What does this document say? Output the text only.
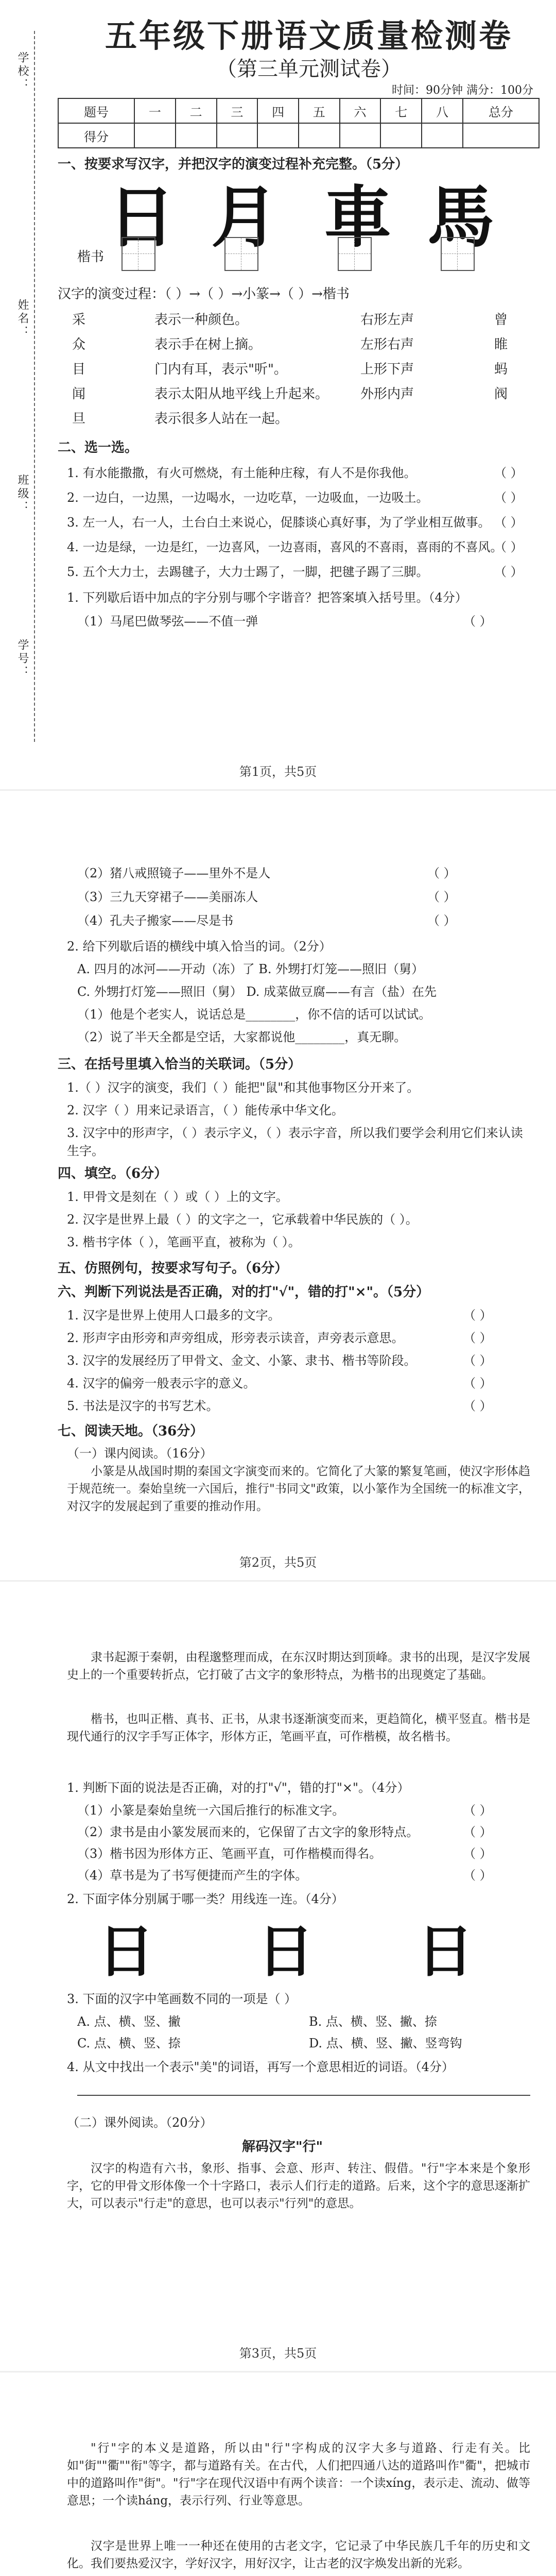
学校：
姓名：
班级：
学号：
五年级下册语文质量检测卷
（第三单元测试卷）
时间：90分钟 满分：100分
题号	一	二	三	四	五	六	七	八	总分
得分									
一、按要求写汉字，并把汉字的演变过程补充完整。（5分）
日 月 車 馬
楷书
汉字的演变过程：（ ）→（ ）→小篆→（ ）→楷书
采	表示一种颜色。	右形左声	曾
众	表示手在树上摘。	左形右声	睢
目	门内有耳，表示"听"。	上形下声	蚂
闻	表示太阳从地平线上升起来。 外形内声	阀
旦	表示很多人站在一起。
二、选一选。
1. 有水能撒撒，有火可燃烧，有土能种庄稼，有人不是你我他。	（ ）
2. 一边白，一边黑，一边喝水，一边吃草，一边吸血，一边吸土。	（ ）
3. 左一人，右一人，土台白土来说心，促膝谈心真好事，为了学业相互做事。 （ ）
4. 一边是绿，一边是红，一边喜风，一边喜雨，喜风的不喜雨，喜雨的不喜风。
（ ）
5. 五个大力士，去踢毽子，大力士踢了，一脚，把毽子踢了三脚。	（ ）
1. 下列歇后语中加点的字分别与哪个字谐音？把答案填入括号里。（4分）
（1）马尾巴做琴弦——不值一弹	（ ）
第1页，共5页
（2）猪八戒照镜子——里外不是人	（ ）
（3）三九天穿裙子——美丽冻人	（ ）
（4）孔夫子搬家——尽是书	（ ）
2. 给下列歇后语的横线中填入恰当的词。（2分）
A. 四月的冰河——开动（冻）了 B. 外甥打灯笼——照旧（舅）
C. 外甥打灯笼——照旧（舅） D. 成菜做豆腐——有言（盐）在先
（1）他是个老实人，说话总是________，你不信的话可以试试。
（2）说了半天全都是空话，大家都说他________，真无聊。
三、在括号里填入恰当的关联词。（5分）
1.（ ）汉字的演变，我们（ ）能把"鼠"和其他事物区分开来了。
2. 汉字（ ）用来记录语言，（ ）能传承中华文化。
3. 汉字中的形声字，（ ）表示字义，（ ）表示字音，所以我们要学会利用它们来认读生字。
四、填空。（6分）
1. 甲骨文是刻在（ ）或（ ）上的文字。
2. 汉字是世界上最（ ）的文字之一，它承载着中华民族的（ ）。
3. 楷书字体（ ），笔画平直，被称为（ ）。
五、仿照例句，按要求写句子。（6分）
六、判断下列说法是否正确，对的打"√"，错的打"×"。（5分）
1. 汉字是世界上使用人口最多的文字。	（ ）
2. 形声字由形旁和声旁组成，形旁表示读音，声旁表示意思。	（ ）
3. 汉字的发展经历了甲骨文、金文、小篆、隶书、楷书等阶段。	（ ）
4. 汉字的偏旁一般表示字的意义。	（ ）
5. 书法是汉字的书写艺术。	（ ）
七、阅读天地。（36分）
（一）课内阅读。（16分）
小篆是从战国时期的秦国文字演变而来的。它简化了大篆的繁复笔画，使汉字形体趋于规范统一。秦始皇统一六国后，推行"书同文"政策，以小篆作为全国统一的标准文字，对汉字的发展起到了重要的推动作用。
第2页，共5页
隶书起源于秦朝，由程邈整理而成，在东汉时期达到顶峰。隶书的出现，是汉字发展史上的一个重要转折点，它打破了古文字的象形特点，为楷书的出现奠定了基础。
楷书，也叫正楷、真书、正书，从隶书逐渐演变而来，更趋简化，横平竖直。楷书是现代通行的汉字手写正体字，形体方正，笔画平直，可作楷模，故名楷书。
1. 判断下面的说法是否正确，对的打"√"，错的打"×"。（4分）
（1）小篆是秦始皇统一六国后推行的标准文字。	（ ）
（2）隶书是由小篆发展而来的，它保留了古文字的象形特点。	（ ）
（3）楷书因为形体方正、笔画平直，可作楷模而得名。	（ ）
（4）草书是为了书写便捷而产生的字体。	（ ）
2. 下面字体分别属于哪一类？用线连一连。（4分）
日 日 日
3. 下面的汉字中笔画数不同的一项是（ ）
A. 点、横、竖、撇	B. 点、横、竖、撇、捺
C. 点、横、竖、捺	D. 点、横、竖、撇、竖弯钩
4. 从文中找出一个表示"美"的词语，再写一个意思相近的词语。（4分）
（二）课外阅读。（20分）
解码汉字"行"
汉字的构造有六书，象形、指事、会意、形声、转注、假借。"行"字本来是个象形字，它的甲骨文形体像一个十字路口，表示人们行走的道路。后来，这个字的意思逐渐扩大，可以表示"行走"的意思，也可以表示"行列"的意思。
第3页，共5页
"行"字的本义是道路，所以由"行"字构成的汉字大多与道路、行走有关。比如"街""衢""衔"等字，都与道路有关。在古代，人们把四通八达的道路叫作"衢"，把城市中的道路叫作"街"。"行"字在现代汉语中有两个读音：一个读xíng，表示走、流动、做等意思；一个读háng，表示行列、行业等意思。
汉字是世界上唯一一种还在使用的古老文字，它记录了中华民族几千年的历史和文化。我们要热爱汉字，学好汉字，用好汉字，让古老的汉字焕发出新的光彩。
